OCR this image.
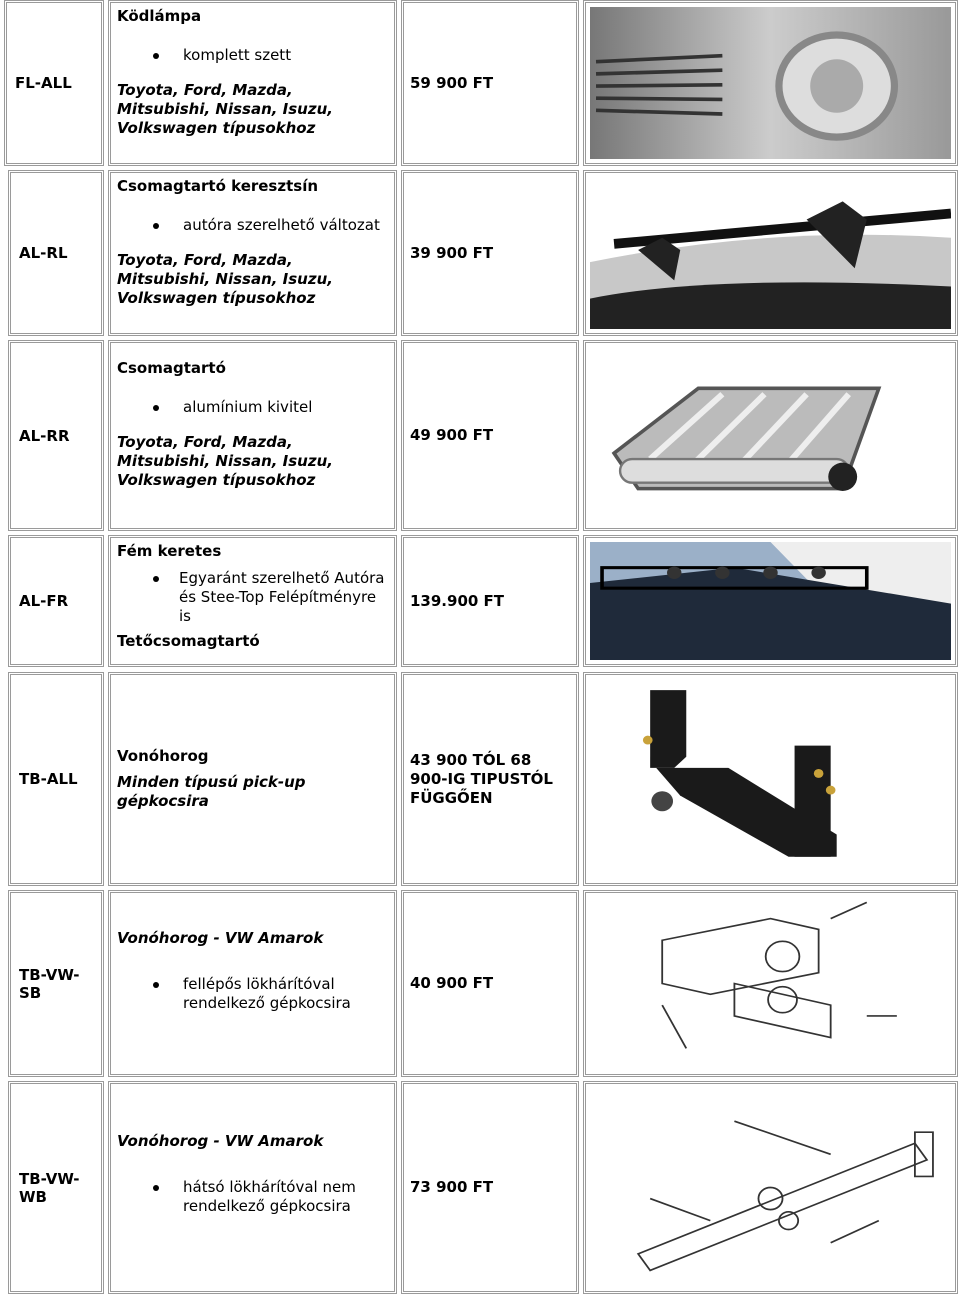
FL-ALL
Ködlámpa
komplett szett
Toyota, Ford, Mazda, Mitsubishi, Nissan, Isuzu, Volkswagen típusokhoz
59 900 FT
AL-RL
Csomagtartó keresztsín
autóra szerelhető változat
Toyota, Ford, Mazda, Mitsubishi, Nissan, Isuzu, Volkswagen típusokhoz
39 900 FT
AL-RR
Csomagtartó
alumínium kivitel
Toyota, Ford, Mazda, Mitsubishi, Nissan, Isuzu, Volkswagen típusokhoz
49 900 FT
AL-FR
Fém keretes
Egyaránt szerelhető Autóra és Stee-Top Felépítményre is
Tetőcsomagtartó
139.900 FT
TB-ALL
Vonóhorog
Minden típusú pick-up gépkocsira
43 900 TÓL 68 900-IG TIPUSTÓL FÜGGŐEN
TB-VW-SB
Vonóhorog - VW Amarok
fellépős lökhárítóval rendelkező gépkocsira
40 900 FT
TB-VW-WB
Vonóhorog - VW Amarok
hátsó lökhárítóval nem rendelkező gépkocsira
73 900 FT
